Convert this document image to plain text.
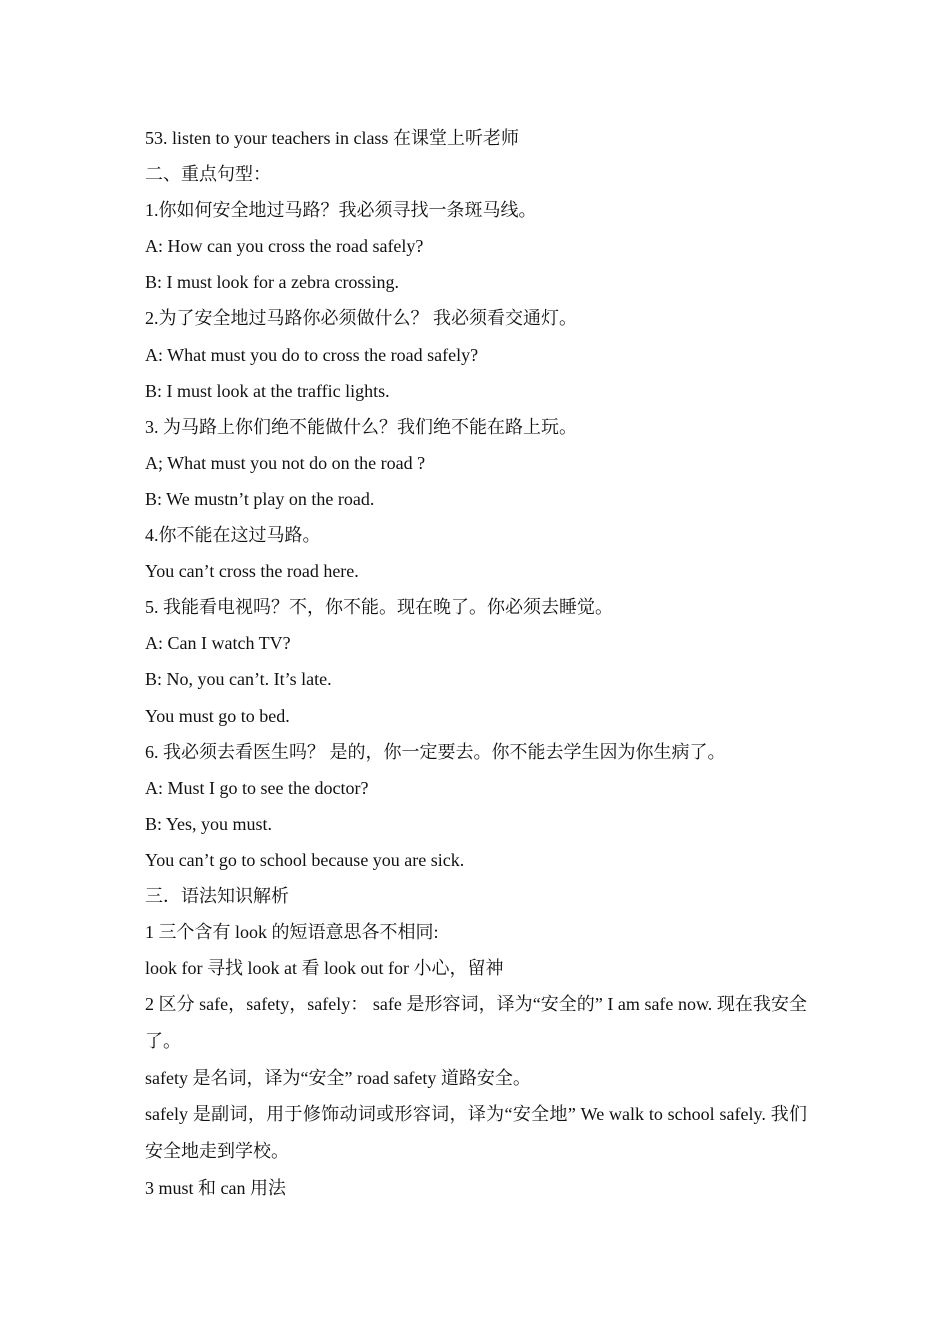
53. listen to your teachers in class 在课堂上听老师
二、重点句型：
1.你如何安全地过马路？我必须寻找一条斑马线。
A: How can you cross the road safely?
B: I must look for a zebra crossing.
2.为了安全地过马路你必须做什么？ 我必须看交通灯。
A: What must you do to cross the road safely?
B: I must look at the traffic lights.
3. 为马路上你们绝不能做什么？我们绝不能在路上玩。
A; What must you not do on the road ?
B: We mustn’t play on the road.
4.你不能在这过马路。
You can’t cross the road here.
5. 我能看电视吗？不，你不能。现在晚了。你必须去睡觉。
A: Can I watch TV?
B: No, you can’t. It’s late.
You must go to bed.
6. 我必须去看医生吗？ 是的，你一定要去。你不能去学生因为你生病了。
A: Must I go to see the doctor?
B: Yes, you must.
You can’t go to school because you are sick.
三．语法知识解析
1 三个含有 look 的短语意思各不相同:
look for 寻找 look at 看 look out for 小心，留神
2 区分 safe，safety，safely： safe 是形容词，译为“安全的” I am safe now. 现在我安全了。
safety 是名词，译为“安全” road safety 道路安全。
safely 是副词，用于修饰动词或形容词，译为“安全地” We walk to school safely. 我们安全地走到学校。
3 must 和 can 用法
